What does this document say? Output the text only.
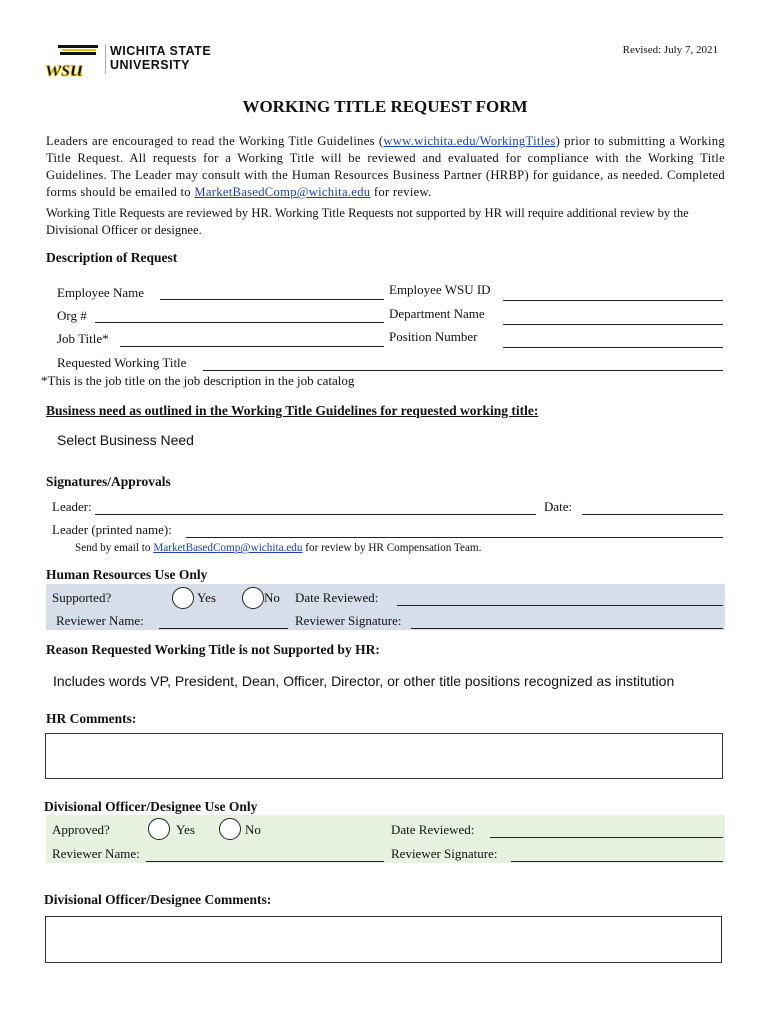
wsu
WICHITA STATE
UNIVERSITY
Revised: July 7, 2021
WORKING TITLE REQUEST FORM
Leaders are encouraged to read the Working Title Guidelines (www.wichita.edu/WorkingTitles) prior to submitting a Working Title Request. All requests for a Working Title will be reviewed and evaluated for compliance with the Working Title Guidelines. The Leader may consult with the Human Resources Business Partner (HRBP) for guidance, as needed. Completed forms should be emailed to MarketBasedComp@wichita.edu for review.
Working Title Requests are reviewed by HR. Working Title Requests not supported by HR will require additional review by the Divisional Officer or designee.
Description of Request
Employee Name	Employee WSU ID
Org #	Department Name
Job Title*	Position Number
Requested Working Title
*This is the job title on the job description in the job catalog
Business need as outlined in the Working Title Guidelines for requested working title:
Select Business Need
Signatures/Approvals
Leader:	Date:
Leader (printed name):
Send by email to MarketBasedComp@wichita.edu for review by HR Compensation Team.
Human Resources Use Only
Supported?	Yes	No Date Reviewed:
Reviewer Name:	Reviewer Signature:
Reason Requested Working Title is not Supported by HR:
Includes words VP, President, Dean, Officer, Director, or other title positions recognized as institution
HR Comments:
Divisional Officer/Designee Use Only
Approved?	Yes	No	Date Reviewed:
Reviewer Name:	Reviewer Signature:
Divisional Officer/Designee Comments:
